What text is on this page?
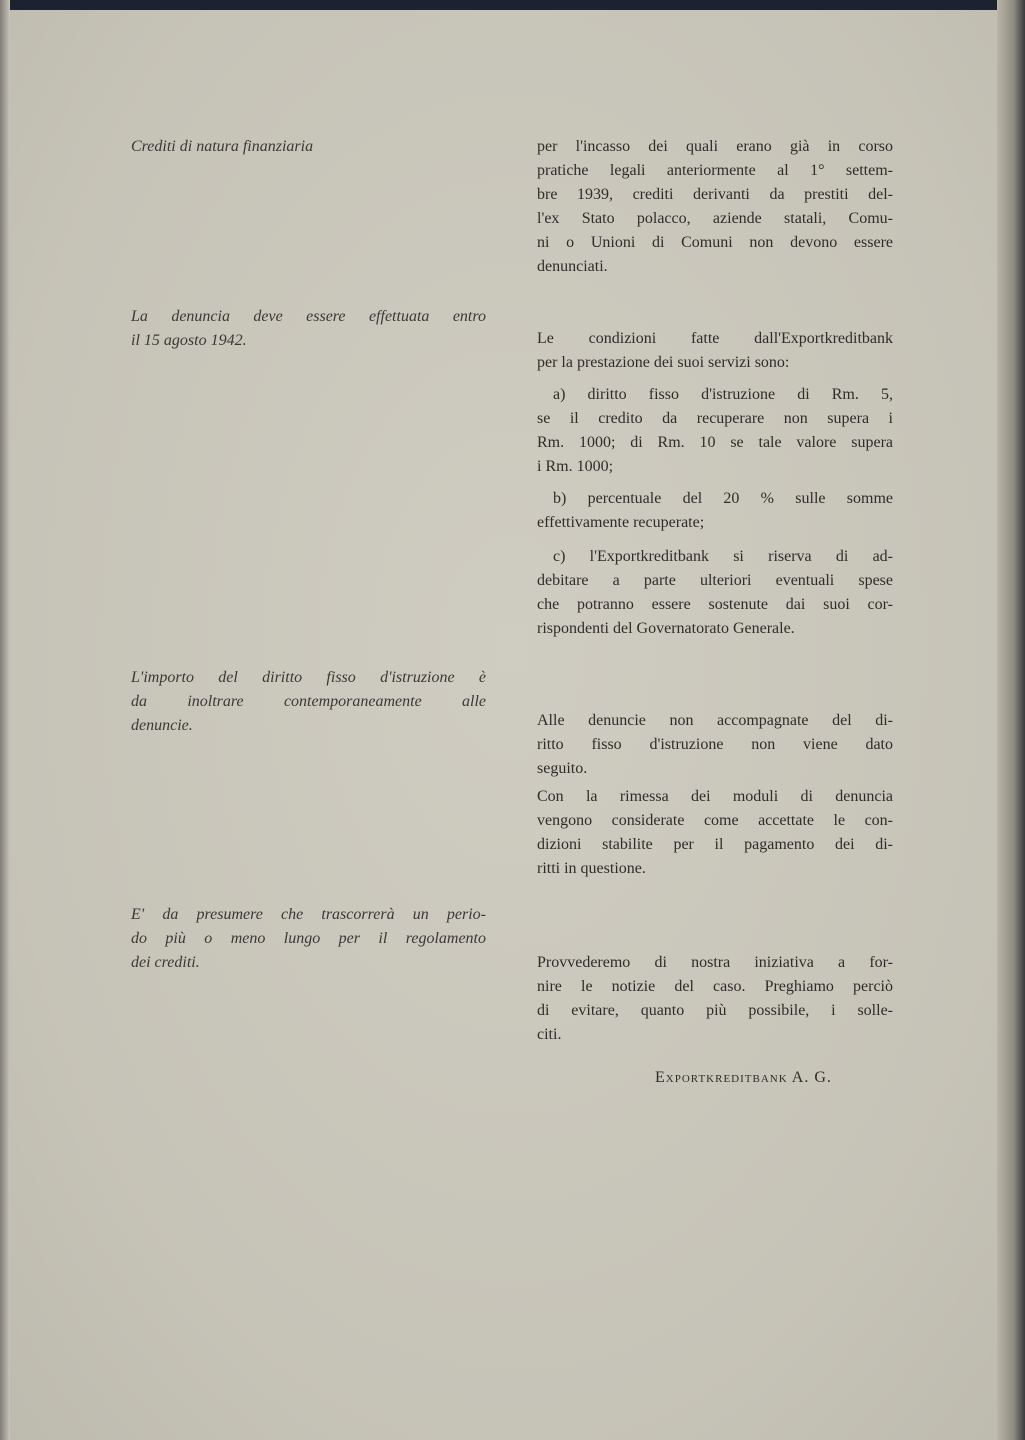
Crediti di natura finanziaria
La denuncia deve essere effettuata entro
il 15 agosto 1942.
L'importo del diritto fisso d'istruzione è
da inoltrare contemporaneamente alle
denuncie.
E' da presumere che trascorrerà un perio-
do più o meno lungo per il regolamento
dei crediti.
per l'incasso dei quali erano già in corso
pratiche legali anteriormente al 1° settem-
bre 1939, crediti derivanti da prestiti del-
l'ex Stato polacco, aziende statali, Comu-
ni o Unioni di Comuni non devono essere
denunciati.
Le condizioni fatte dall'Exportkreditbank
per la prestazione dei suoi servizi sono:
a) diritto fisso d'istruzione di Rm. 5,
se il credito da recuperare non supera i
Rm. 1000; di Rm. 10 se tale valore supera
i Rm. 1000;
b) percentuale del 20 % sulle somme
effettivamente recuperate;
c) l'Exportkreditbank si riserva di ad-
debitare a parte ulteriori eventuali spese
che potranno essere sostenute dai suoi cor-
rispondenti del Governatorato Generale.
Alle denuncie non accompagnate del di-
ritto fisso d'istruzione non viene dato
seguito.
Con la rimessa dei moduli di denuncia
vengono considerate come accettate le con-
dizioni stabilite per il pagamento dei di-
ritti in questione.
Provvederemo di nostra iniziativa a for-
nire le notizie del caso. Preghiamo perciò
di evitare, quanto più possibile, i solle-
citi.
Exportkreditbank A. G.
